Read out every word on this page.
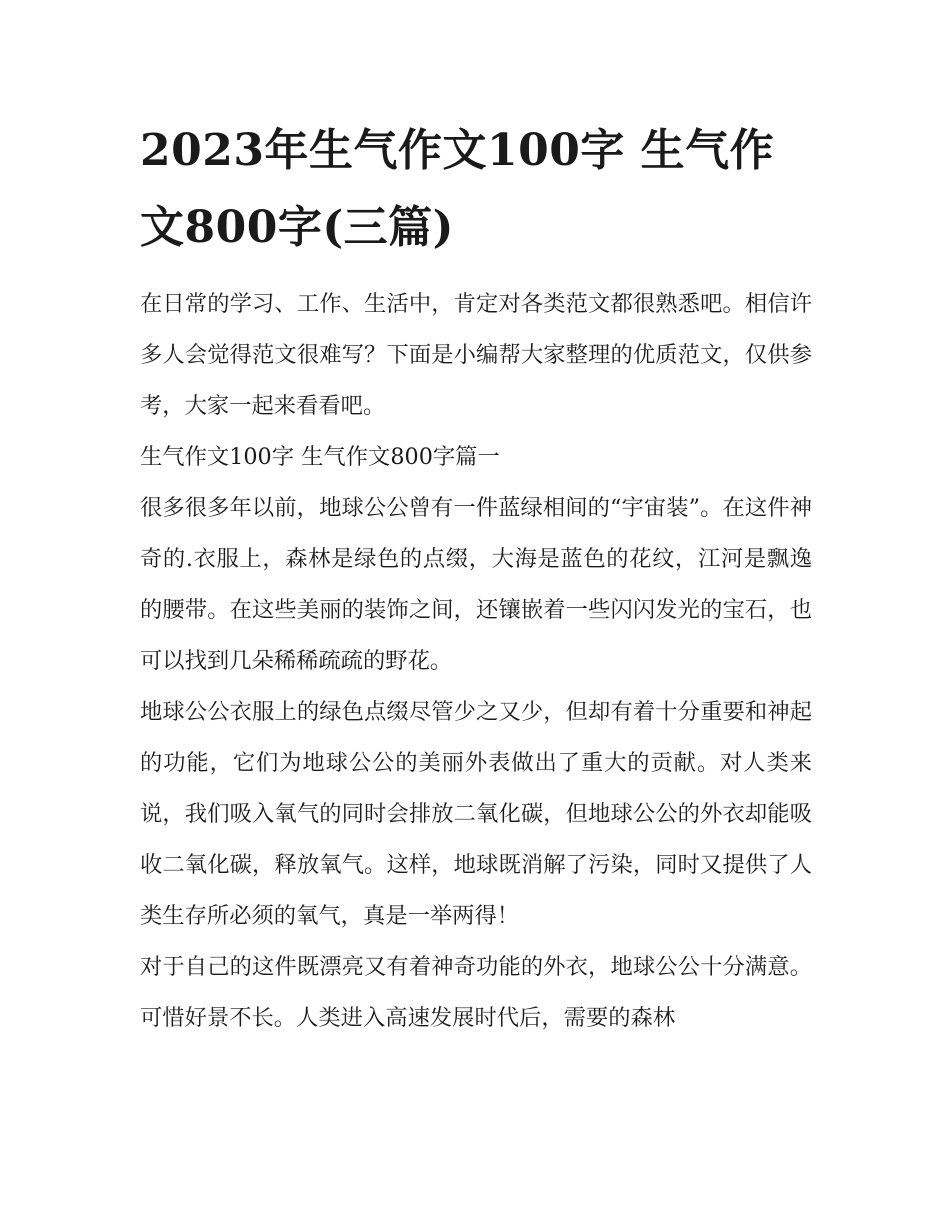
2023年生气作文100字 生气作文800字(三篇)

在日常的学习、工作、生活中，肯定对各类范文都很熟悉吧。相信许多人会觉得范文很难写？下面是小编帮大家整理的优质范文，仅供参考，大家一起来看看吧。

生气作文100字 生气作文800字篇一

很多很多年以前，地球公公曾有一件蓝绿相间的“宇宙装”。在这件神奇的.衣服上，森林是绿色的点缀，大海是蓝色的花纹，江河是飘逸的腰带。在这些美丽的装饰之间，还镶嵌着一些闪闪发光的宝石，也可以找到几朵稀稀疏疏的野花。

地球公公衣服上的绿色点缀尽管少之又少，但却有着十分重要和神起的功能，它们为地球公公的美丽外表做出了重大的贡献。对人类来说，我们吸入氧气的同时会排放二氧化碳，但地球公公的外衣却能吸收二氧化碳，释放氧气。这样，地球既消解了污染，同时又提供了人类生存所必须的氧气，真是一举两得！

对于自己的这件既漂亮又有着神奇功能的外衣，地球公公十分满意。可惜好景不长。人类进入高速发展时代后，需要的森林
